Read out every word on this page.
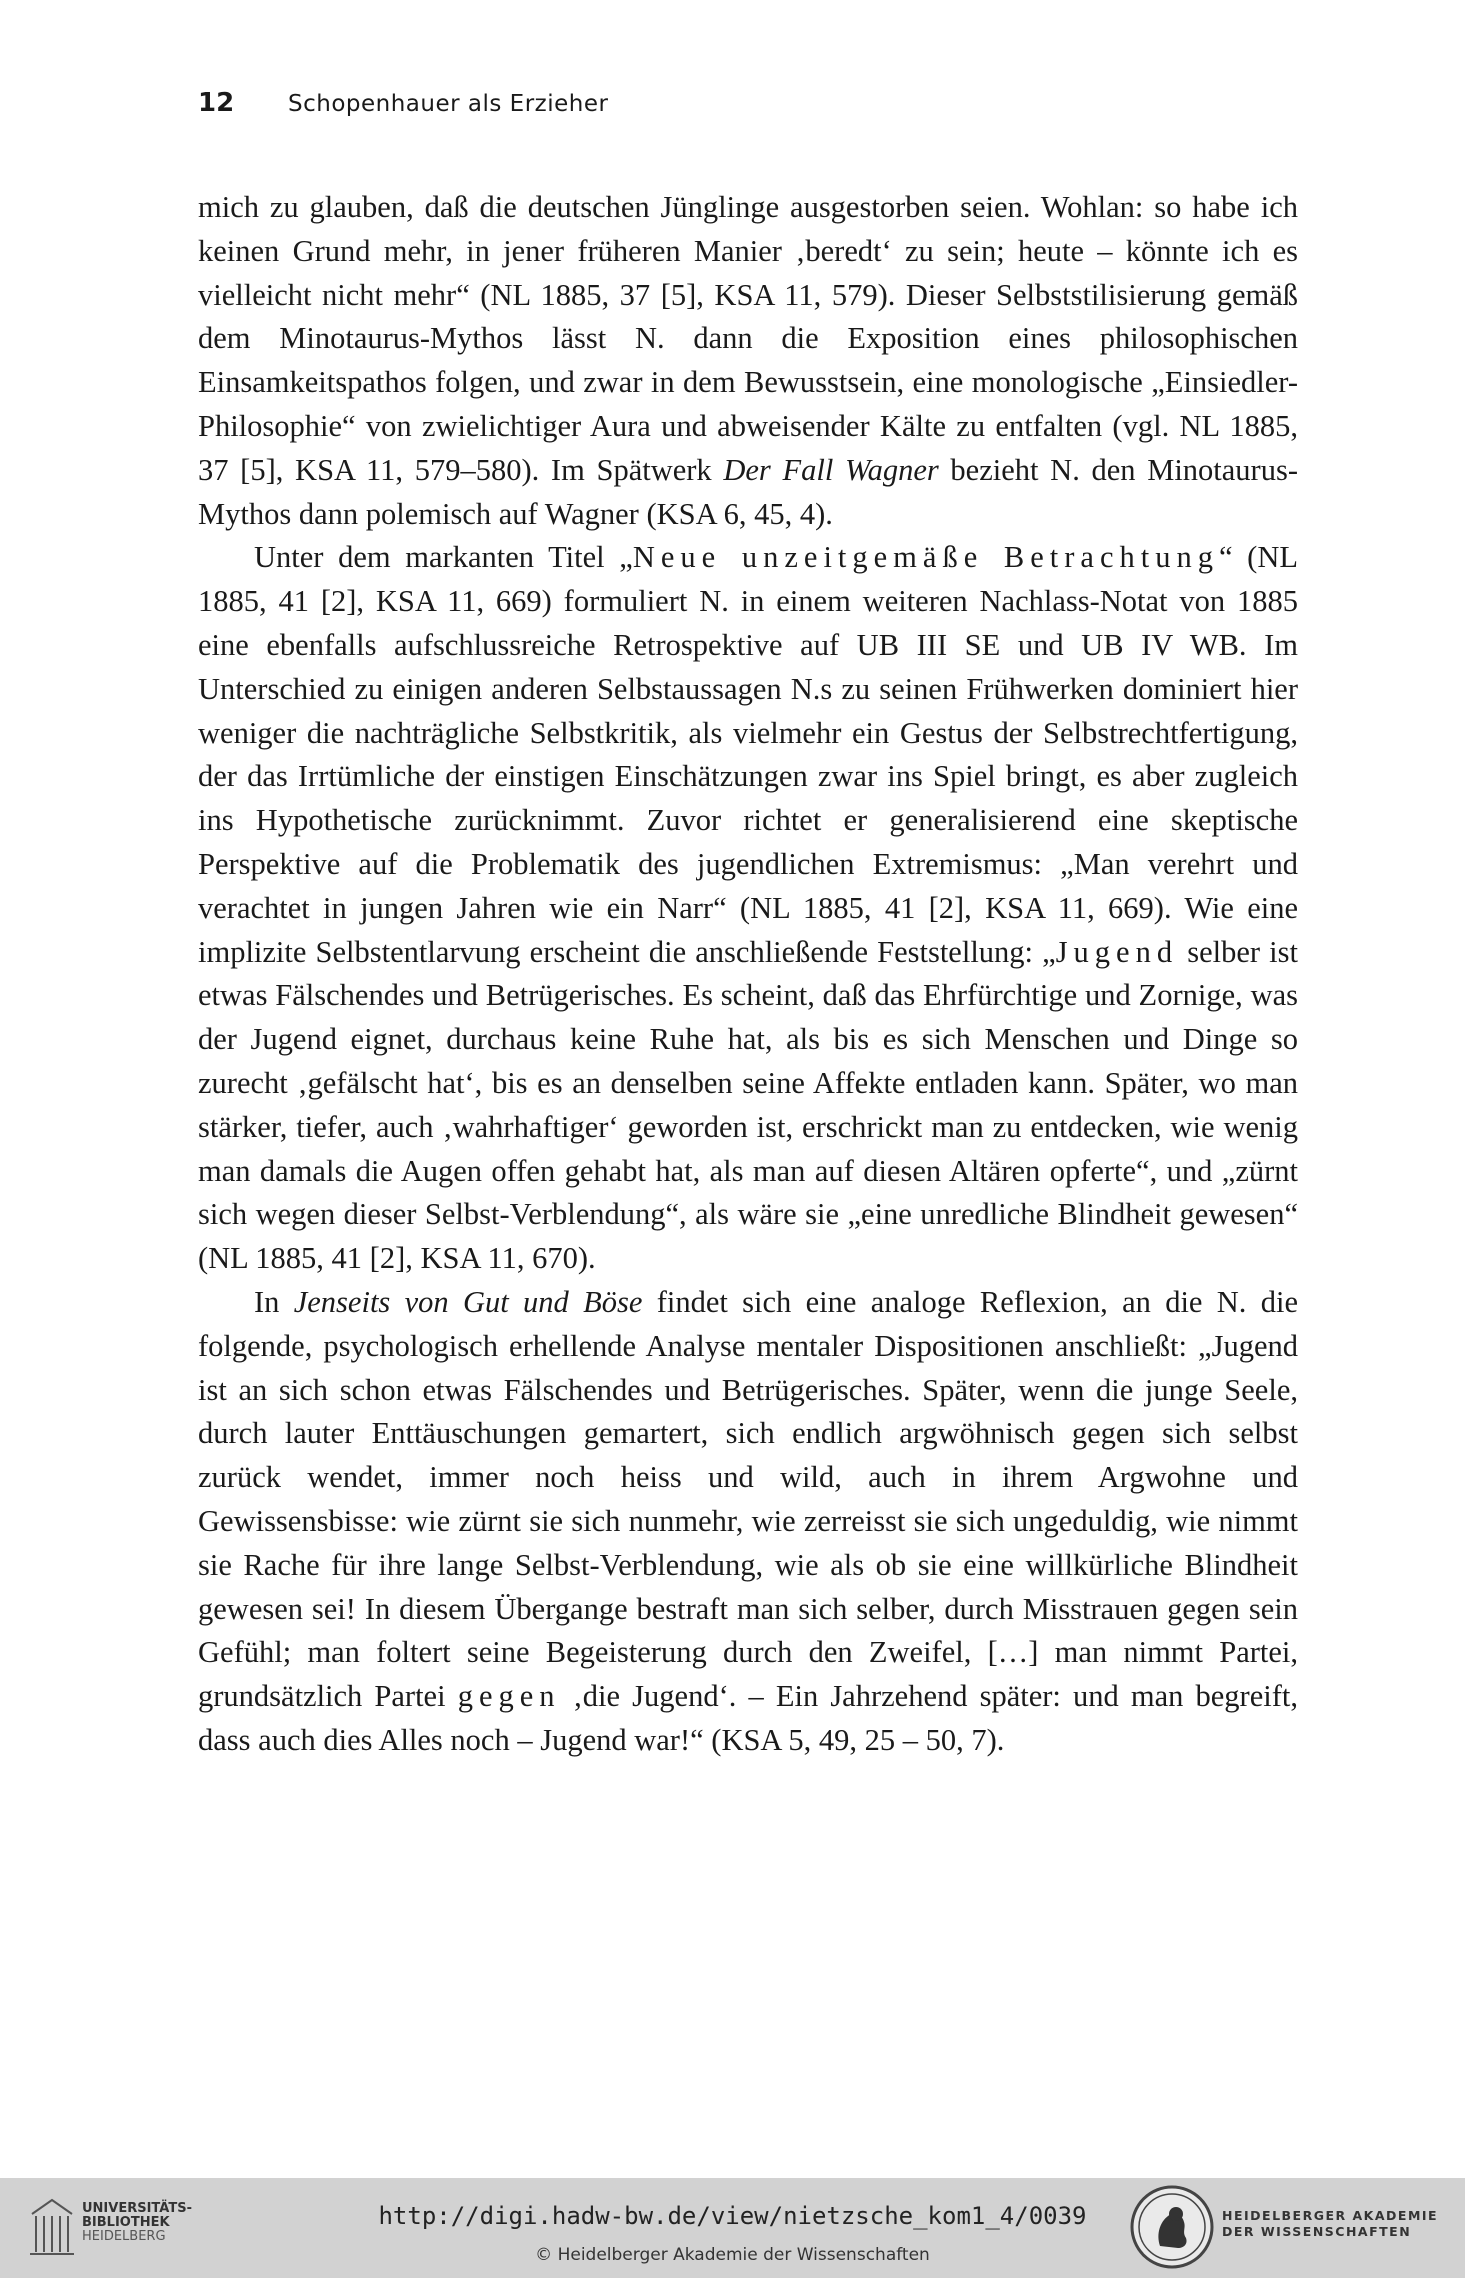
12	Schopenhauer als Erzieher

mich zu glauben, daß die deutschen Jünglinge ausgestorben seien. Wohlan: so habe ich keinen Grund mehr, in jener früheren Manier ‚beredt‘ zu sein; heute – könnte ich es vielleicht nicht mehr“ (NL 1885, 37 [5], KSA 11, 579). Dieser Selbststilisierung gemäß dem Minotaurus-Mythos lässt N. dann die Exposition eines philosophischen Einsamkeitspathos folgen, und zwar in dem Bewusstsein, eine monologische „Einsiedler-Philosophie“ von zwielichtiger Aura und abweisender Kälte zu entfalten (vgl. NL 1885, 37 [5], KSA 11, 579–580). Im Spätwerk Der Fall Wagner bezieht N. den Minotaurus-Mythos dann polemisch auf Wagner (KSA 6, 45, 4).

Unter dem markanten Titel „Neue unzeitgemäße Betrachtung“ (NL 1885, 41 [2], KSA 11, 669) formuliert N. in einem weiteren Nachlass-Notat von 1885 eine ebenfalls aufschlussreiche Retrospektive auf UB III SE und UB IV WB. Im Unterschied zu einigen anderen Selbstaussagen N.s zu seinen Frühwerken dominiert hier weniger die nachträgliche Selbstkritik, als vielmehr ein Gestus der Selbstrechtfertigung, der das Irrtümliche der einstigen Einschätzungen zwar ins Spiel bringt, es aber zugleich ins Hypothetische zurücknimmt. Zuvor richtet er generalisierend eine skeptische Perspektive auf die Problematik des jugendlichen Extremismus: „Man verehrt und verachtet in jungen Jahren wie ein Narr“ (NL 1885, 41 [2], KSA 11, 669). Wie eine implizite Selbstentlarvung erscheint die anschließende Feststellung: „Jugend selber ist etwas Fälschendes und Betrügerisches. Es scheint, daß das Ehrfürchtige und Zornige, was der Jugend eignet, durchaus keine Ruhe hat, als bis es sich Menschen und Dinge so zurecht ‚gefälscht hat‘, bis es an denselben seine Affekte entladen kann. Später, wo man stärker, tiefer, auch ‚wahrhaftiger‘ geworden ist, erschrickt man zu entdecken, wie wenig man damals die Augen offen gehabt hat, als man auf diesen Altären opferte“, und „zürnt sich wegen dieser Selbst-Verblendung“, als wäre sie „eine unredliche Blindheit gewesen“ (NL 1885, 41 [2], KSA 11, 670).

In Jenseits von Gut und Böse findet sich eine analoge Reflexion, an die N. die folgende, psychologisch erhellende Analyse mentaler Dispositionen anschließt: „Jugend ist an sich schon etwas Fälschendes und Betrügerisches. Später, wenn die junge Seele, durch lauter Enttäuschungen gemartert, sich endlich argwöhnisch gegen sich selbst zurück wendet, immer noch heiss und wild, auch in ihrem Argwohne und Gewissensbisse: wie zürnt sie sich nunmehr, wie zerreisst sie sich ungeduldig, wie nimmt sie Rache für ihre lange Selbst-Verblendung, wie als ob sie eine willkürliche Blindheit gewesen sei! In diesem Übergange bestraft man sich selber, durch Misstrauen gegen sein Gefühl; man foltert seine Begeisterung durch den Zweifel, […] man nimmt Partei, grundsätzlich Partei gegen ‚die Jugend‘. – Ein Jahrzehend später: und man begreift, dass auch dies Alles noch – Jugend war!“ (KSA 5, 49, 25 – 50, 7).

UNIVERSITÄTS-
BIBLIOTHEK
HEIDELBERG
http://digi.hadw-bw.de/view/nietzsche_kom1_4/0039
© Heidelberger Akademie der Wissenschaften
HEIDELBERGER AKADEMIE
DER WISSENSCHAFTEN
